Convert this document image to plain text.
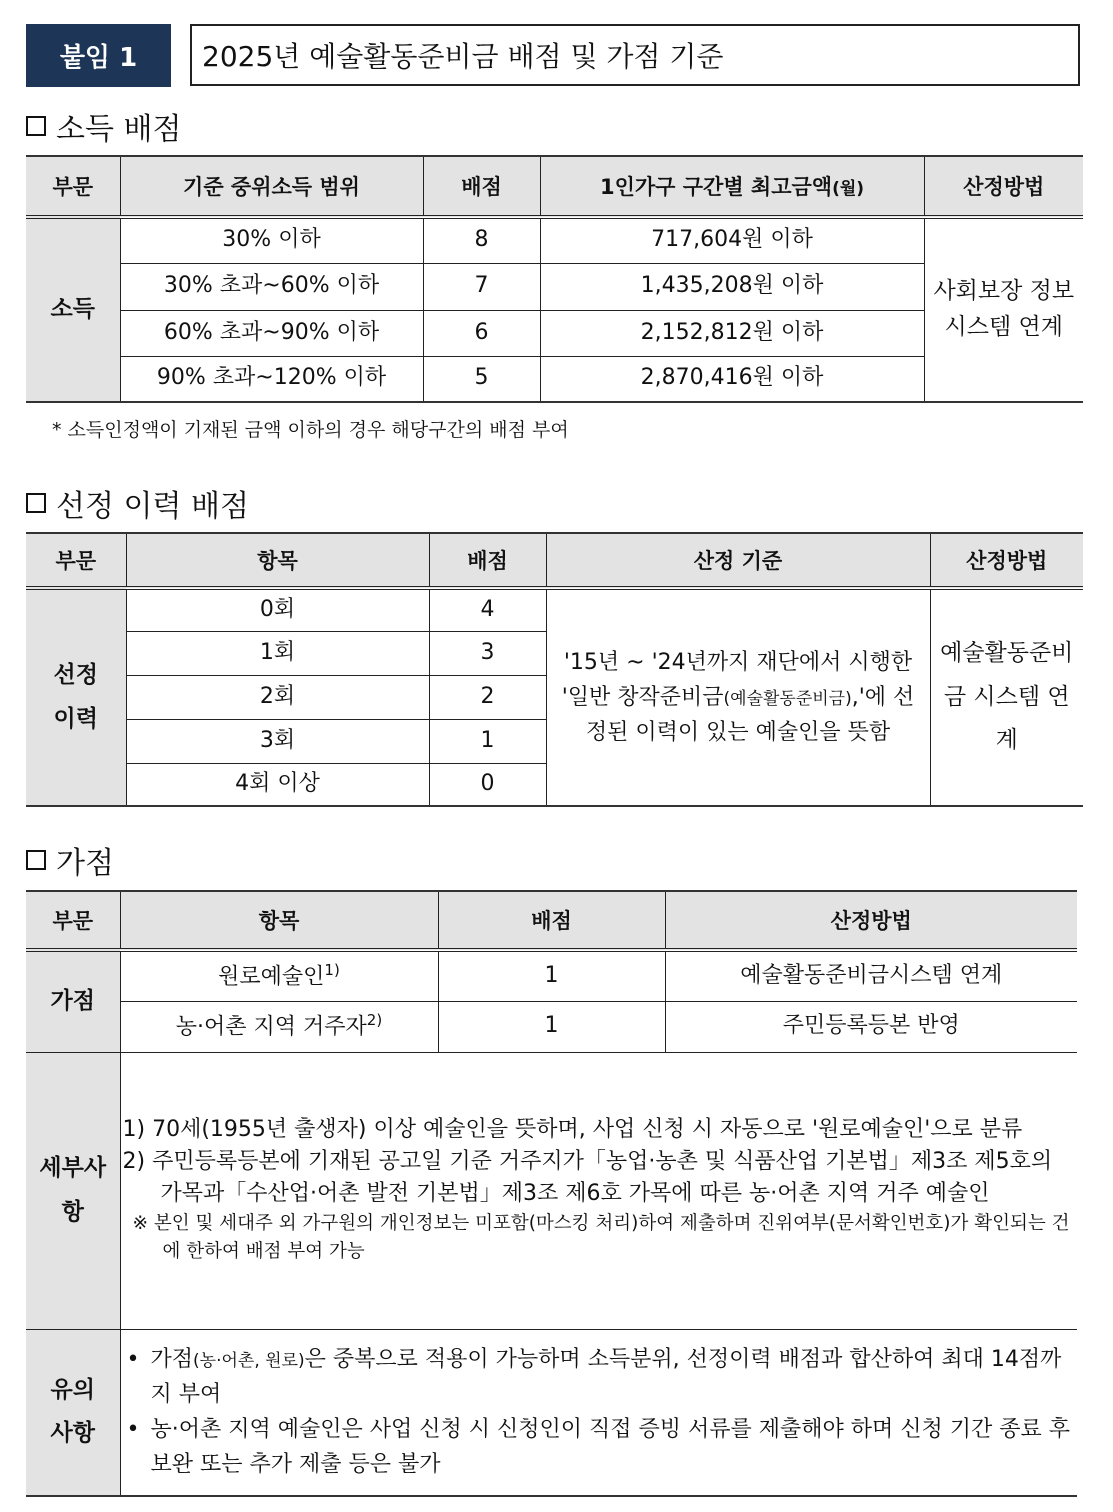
붙임 1	2025년 예술활동준비금 배점 및 가점 기준
소득 배점
부문	기준 중위소득 범위	배점	1인가구 구간별 최고금액(월)	산정방법
소득	30% 이하	8	717,604원 이하	사회보장 정보시스템 연계
	30% 초과~60% 이하	7	1,435,208원 이하	
	60% 초과~90% 이하	6	2,152,812원 이하	
	90% 초과~120% 이하	5	2,870,416원 이하	
* 소득인정액이 기재된 금액 이하의 경우 해당구간의 배점 부여
선정 이력 배점
부문	항목	배점	산정 기준	산정방법
선정 이력	0회	4	'15년 ~ '24년까지 재단에서 시행한 '일반 창작준비금(예술활동준비금),'에 선정된 이력이 있는 예술인을 뜻함	예술활동준비금 시스템 연계
	1회	3		
	2회	2		
	3회	1		
	4회 이상	0		
가점
부문	항목	배점	산정방법
가점	원로예술인$^{1)}$	1	예술활동준비금시스템 연계
	농·어촌 지역 거주자$^{2)}$	1	주민등록등본 반영
세부사항	1) 70세(1955년 출생자) 이상 예술인을 뜻하며, 사업 신청 시 자동으로 '원로예술인'으로 분류

2) 주민등록등본에 기재된 공고일 기준 거주지가「농업·농촌 및 식품산업 기본법」제3조 제5호의 가목과「수산업·어촌 발전 기본법」제3조 제6호 가목에 따른 농·어촌 지역 거주 예술인

※ 본인 및 세대주 외 가구원의 개인정보는 미포함(마스킹 처리)하여 제출하며 진위여부(문서확인번호)가 확인되는 건에 한하여 배점 부여 가능		

유의사항	• 가점(농·어촌, 원로)은 중복으로 적용이 가능하며 소득분위, 선정이력 배점과 합산하여 최대 14점까지 부여

• 농·어촌 지역 예술인은 사업 신청 시 신청인이 직접 증빙 서류를 제출해야 하며 신청 기간 종료 후 보완 또는 추가 제출 등은 불가		
